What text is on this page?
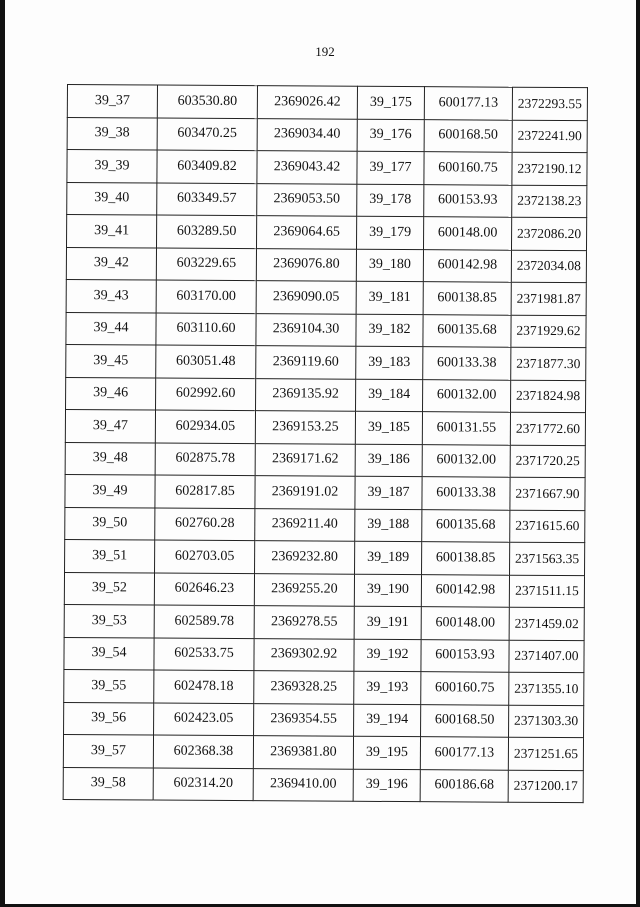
192
39_37	603530.80	2369026.42	39_175	600177.13	2372293.55
39_38	603470.25	2369034.40	39_176	600168.50	2372241.90
39_39	603409.82	2369043.42	39_177	600160.75	2372190.12
39_40	603349.57	2369053.50	39_178	600153.93	2372138.23
39_41	603289.50	2369064.65	39_179	600148.00	2372086.20
39_42	603229.65	2369076.80	39_180	600142.98	2372034.08
39_43	603170.00	2369090.05	39_181	600138.85	2371981.87
39_44	603110.60	2369104.30	39_182	600135.68	2371929.62
39_45	603051.48	2369119.60	39_183	600133.38	2371877.30
39_46	602992.60	2369135.92	39_184	600132.00	2371824.98
39_47	602934.05	2369153.25	39_185	600131.55	2371772.60
39_48	602875.78	2369171.62	39_186	600132.00	2371720.25
39_49	602817.85	2369191.02	39_187	600133.38	2371667.90
39_50	602760.28	2369211.40	39_188	600135.68	2371615.60
39_51	602703.05	2369232.80	39_189	600138.85	2371563.35
39_52	602646.23	2369255.20	39_190	600142.98	2371511.15
39_53	602589.78	2369278.55	39_191	600148.00	2371459.02
39_54	602533.75	2369302.92	39_192	600153.93	2371407.00
39_55	602478.18	2369328.25	39_193	600160.75	2371355.10
39_56	602423.05	2369354.55	39_194	600168.50	2371303.30
39_57	602368.38	2369381.80	39_195	600177.13	2371251.65
39_58	602314.20	2369410.00	39_196	600186.68	2371200.17
